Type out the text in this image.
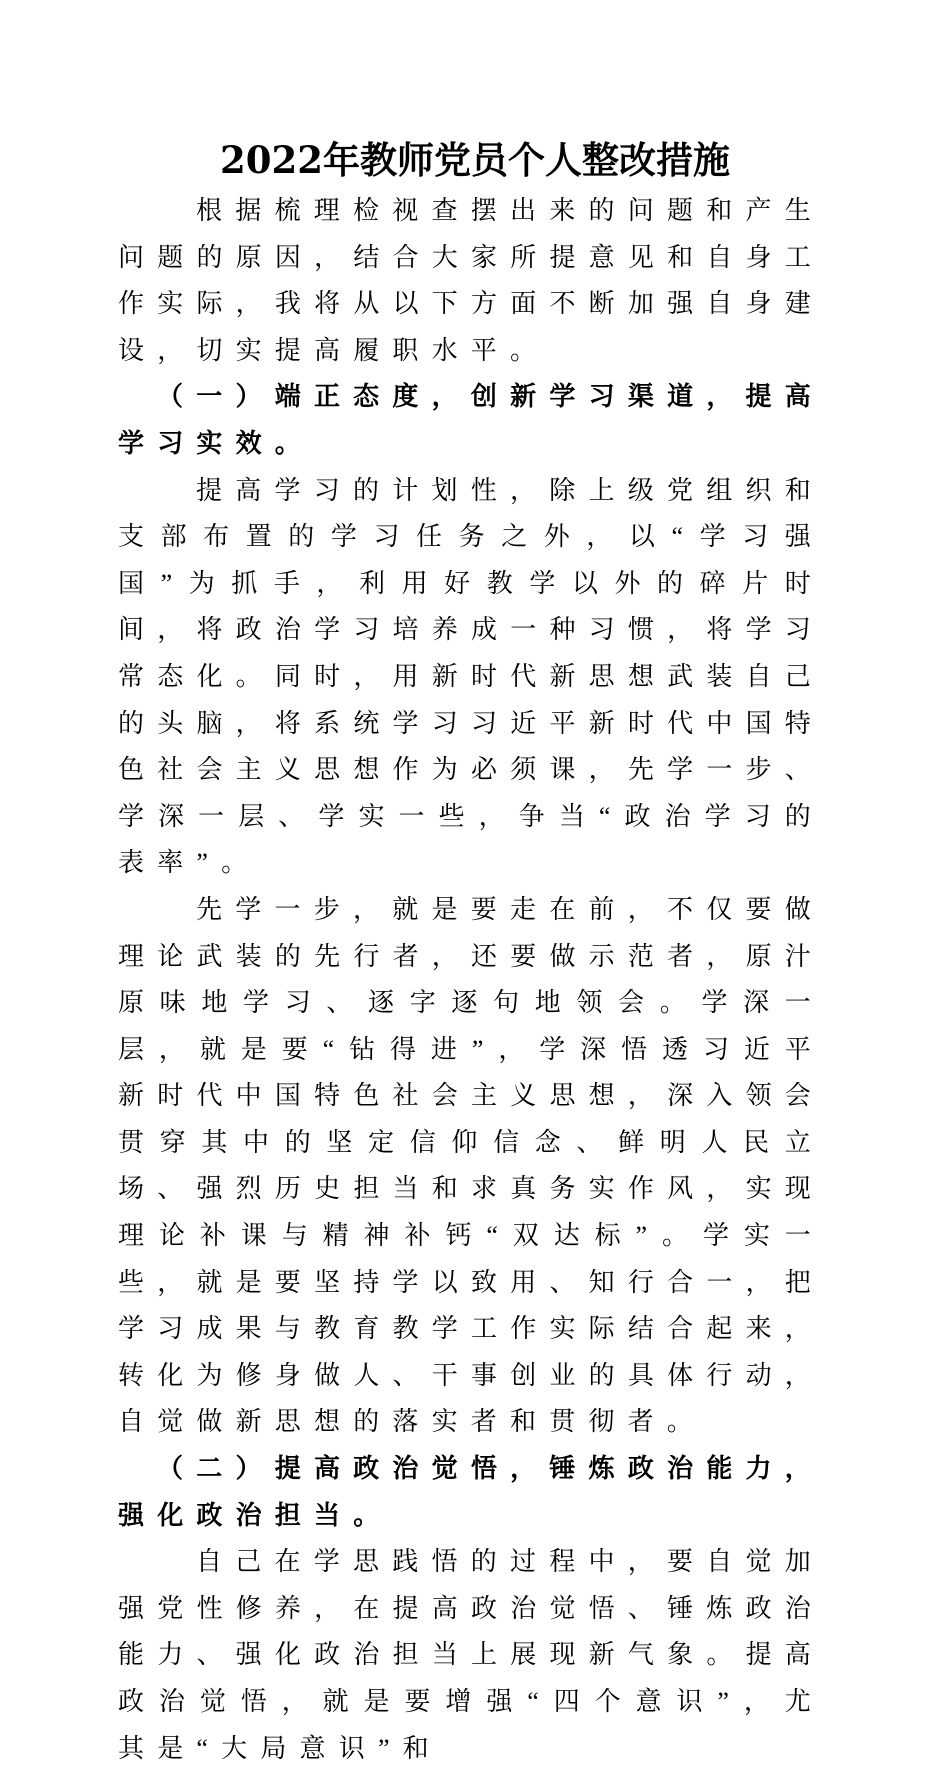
2022年教师党员个人整改措施

根据梳理检视查摆出来的问题和产生问题的原因，结合大家所提意见和自身工作实际，我将从以下方面不断加强自身建设，切实提高履职水平。

（一）端正态度，创新学习渠道，提高学习实效。

提高学习的计划性，除上级党组织和支部布置的学习任务之外，以“学习强国”为抓手，利用好教学以外的碎片时间，将政治学习培养成一种习惯，将学习常态化。同时，用新时代新思想武装自己的头脑，将系统学习习近平新时代中国特色社会主义思想作为必须课，先学一步、学深一层、学实一些，争当“政治学习的表率”。

先学一步，就是要走在前，不仅要做理论武装的先行者，还要做示范者，原汁原味地学习、逐字逐句地领会。学深一层，就是要“钻得进”，学深悟透习近平新时代中国特色社会主义思想，深入领会贯穿其中的坚定信仰信念、鲜明人民立场、强烈历史担当和求真务实作风，实现理论补课与精神补钙“双达标”。学实一些，就是要坚持学以致用、知行合一，把学习成果与教育教学工作实际结合起来，转化为修身做人、干事创业的具体行动，自觉做新思想的落实者和贯彻者。

（二）提高政治觉悟，锤炼政治能力，强化政治担当。

自己在学思践悟的过程中，要自觉加强党性修养，在提高政治觉悟、锤炼政治能力、强化政治担当上展现新气象。提高政治觉悟，就是要增强“四个意识”，尤其是“大局意识”和
